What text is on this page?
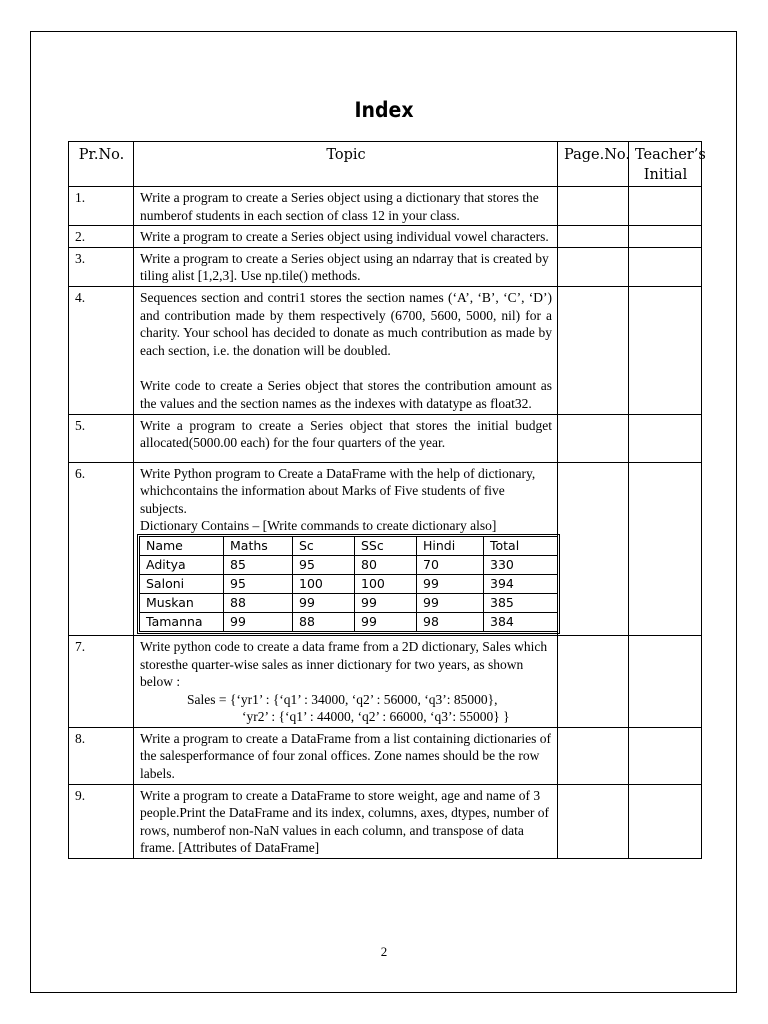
Index
Pr.No.	Topic	Page.No.	Teacher’s
Initial

1.	Write a program to create a Series object using a dictionary that stores the numberof students in each section of class 12 in your class.		
2.	Write a program to create a Series object using individual vowel characters.		
3.	Write a program to create a Series object using an ndarray that is created by tiling alist [1,2,3]. Use np.tile() methods.		
4.	Sequences section and contri1 stores the section names (‘A’, ‘B’, ‘C’, ‘D’) and contribution made by them respectively (6700, 5600, 5000, nil) for a charity. Your school has decided to donate as much contribution as made by each section, i.e. the donation will be doubled.
Write code to create a Series object that stores the contribution amount as the values and the section names as the indexes with datatype as float32.

5.	Write a program to create a Series object that stores the initial budget allocated(5000.00 each) for the four quarters of the year.		
6.	Write Python program to Create a DataFrame with the help of dictionary, whichcontains the information about Marks of Five students of five subjects.
Dictionary Contains – [Write commands to create dictionary also]
Name	Maths	Sc	SSc	Hindi	Total
Aditya	85	95	80	70	330
Saloni	95	100	100	99	394
Muskan	88	99	99	99	385
Tamanna	99	88	99	98	384

7.	Write python code to create a data frame from a 2D dictionary, Sales which storesthe quarter-wise sales as inner dictionary for two years, as shown below :
Sales = {‘yr1’ : {‘q1’ : 34000, ‘q2’ : 56000, ‘q3’: 85000},
‘yr2’ : {‘q1’ : 44000, ‘q2’ : 66000, ‘q3’: 55000} }

8.	Write a program to create a DataFrame from a list containing dictionaries of the salesperformance of four zonal offices. Zone names should be the row labels.		
9.	Write a program to create a DataFrame to store weight, age and name of 3 people.Print the DataFrame and its index, columns, axes, dtypes, number of rows, numberof non-NaN values in each column, and transpose of data frame. [Attributes of DataFrame]		
2
